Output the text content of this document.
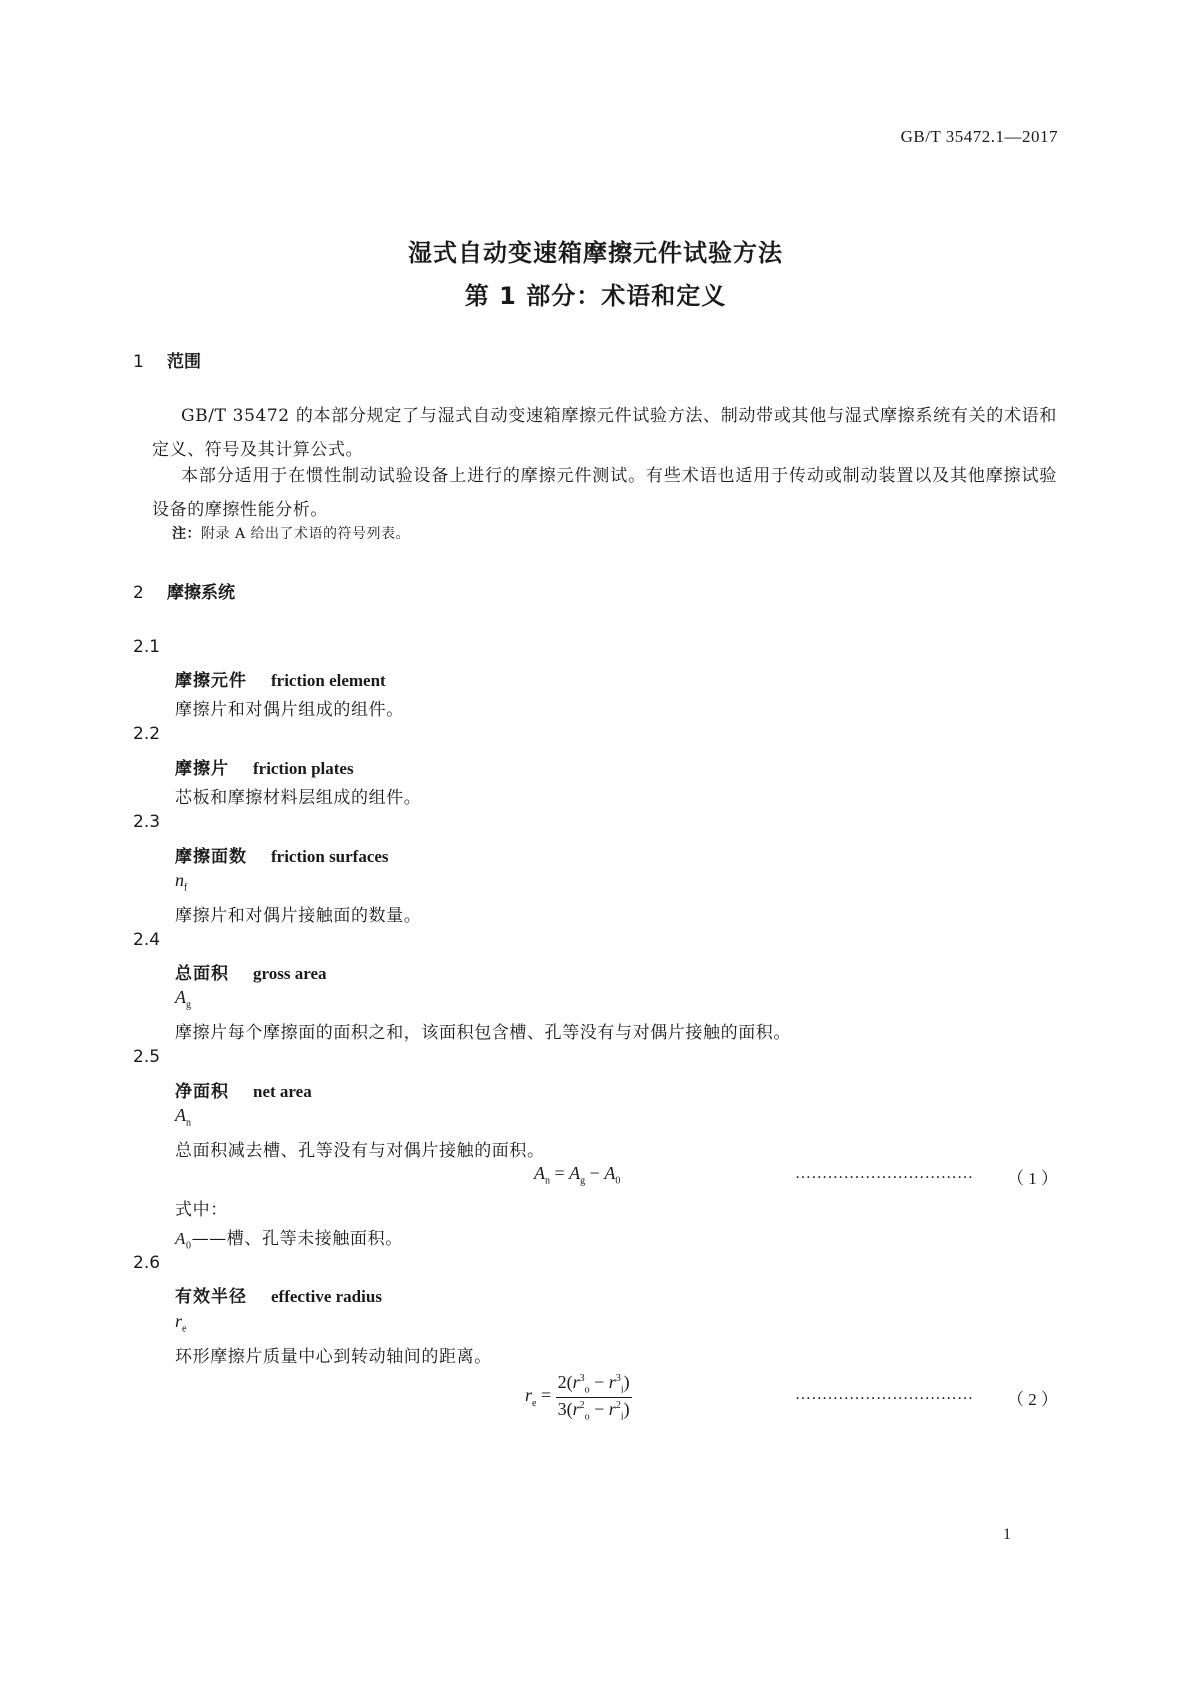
GB/T 35472.1—2017
湿式自动变速箱摩擦元件试验方法
第 1 部分：术语和定义
1 范围
GB/T 35472 的本部分规定了与湿式自动变速箱摩擦元件试验方法、制动带或其他与湿式摩擦系统有关的术语和定义、符号及其计算公式。
本部分适用于在惯性制动试验设备上进行的摩擦元件测试。有些术语也适用于传动或制动装置以及其他摩擦试验设备的摩擦性能分析。
注：附录 A 给出了术语的符号列表。
2 摩擦系统
2.1
摩擦元件 friction element
摩擦片和对偶片组成的组件。
2.2
摩擦片 friction plates
芯板和摩擦材料层组成的组件。
2.3
摩擦面数 friction surfaces
$n_f$
摩擦片和对偶片接触面的数量。
2.4
总面积 gross area
$A_g$
摩擦片每个摩擦面的面积之和，该面积包含槽、孔等没有与对偶片接触的面积。
2.5
净面积 net area
$A_n$
总面积减去槽、孔等没有与对偶片接触的面积。
$A_n = A_g - A_0$	…………………………… （ 1 ）
式中：
$A_0——$槽、孔等未接触面积。
2.6
有效半径 effective radius
$r_e$
环形摩擦片质量中心到转动轴间的距离。
$r_e = \frac{2(r^3_o - r^3_i)}{3(r^2_o - r^2_i)}$	…………………………… （ 2 ）
1
